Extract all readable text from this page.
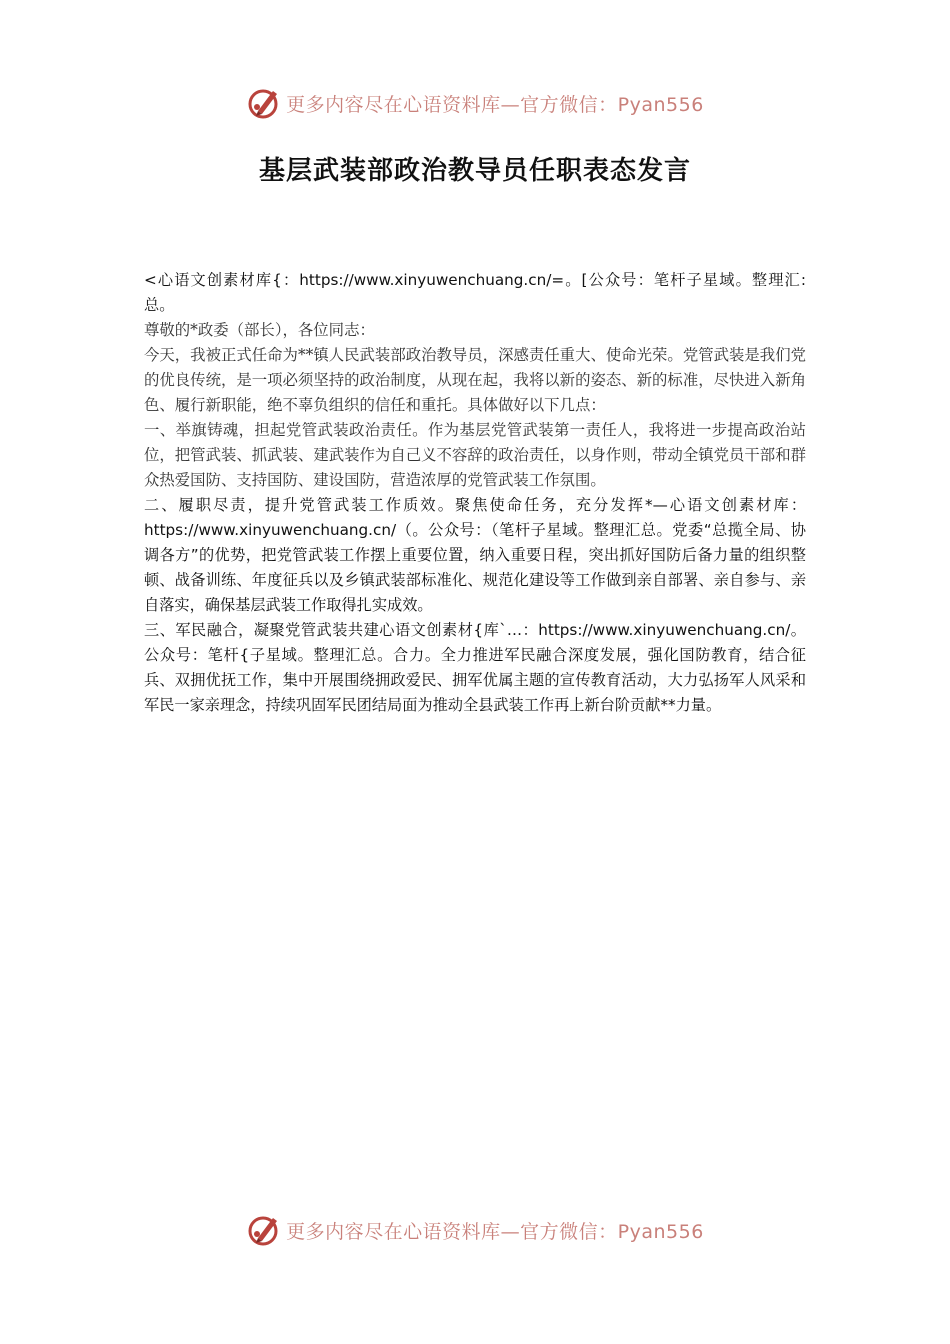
更多内容尽在心语资料库—官方微信：Pyan556
基层武装部政治教导员任职表态发言

<心语文创素材库{：https://www.xinyuwenchuang.cn/=。[公众号：笔杆子星域。整理汇:总。

尊敬的*政委（部长），各位同志：

今天，我被正式任命为**镇人民武装部政治教导员，深感责任重大、使命光荣。党管武装是我们党的优良传统，是一项必须坚持的政治制度，从现在起，我将以新的姿态、新的标准，尽快进入新角色、履行新职能，绝不辜负组织的信任和重托。具体做好以下几点：

一、举旗铸魂，担起党管武装政治责任。作为基层党管武装第一责任人，我将进一步提高政治站位，把管武装、抓武装、建武装作为自己义不容辞的政治责任，以身作则，带动全镇党员干部和群众热爱国防、支持国防、建设国防，营造浓厚的党管武装工作氛围。

二、履职尽责，提升党管武装工作质效。聚焦使命任务，充分发挥*—心语文创素材库：https://www.xinyuwenchuang.cn/（。公众号：（笔杆子星域。整理汇总。党委“总揽全局、协调各方”的优势，把党管武装工作摆上重要位置，纳入重要日程，突出抓好国防后备力量的组织整顿、战备训练、年度征兵以及乡镇武装部标准化、规范化建设等工作做到亲自部署、亲自参与、亲自落实，确保基层武装工作取得扎实成效。

三、军民融合，凝聚党管武装共建心语文创素材{库`…：https://www.xinyuwenchuang.cn/。公众号：笔杆{子星域。整理汇总。合力。全力推进军民融合深度发展，强化国防教育，结合征兵、双拥优抚工作，集中开展围绕拥政爱民、拥军优属主题的宣传教育活动，大力弘扬军人风采和军民一家亲理念，持续巩固军民团结局面为推动全县武装工作再上新台阶贡献**力量。

更多内容尽在心语资料库—官方微信：Pyan556
